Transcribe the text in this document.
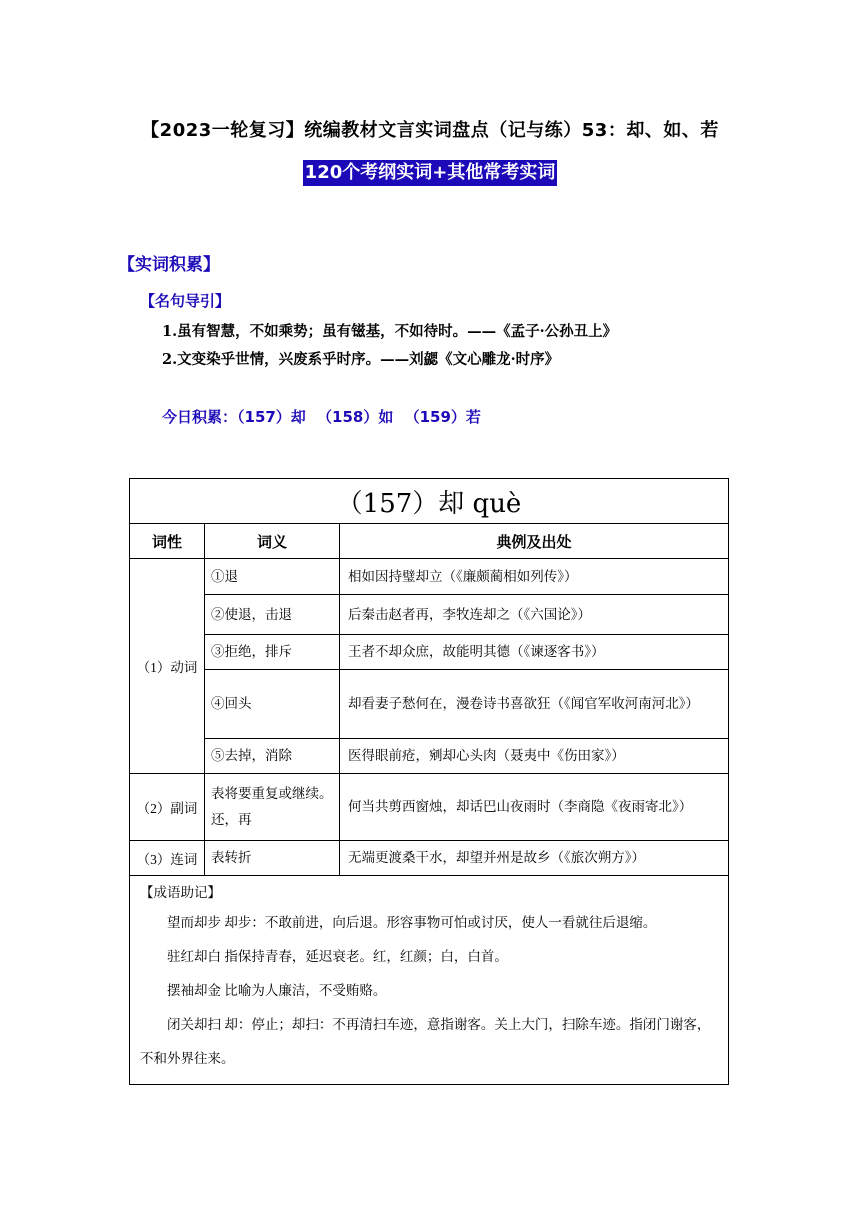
【2023一轮复习】统编教材文言实词盘点（记与练）53：却、如、若
120个考纲实词+其他常考实词
【实词积累】
【名句导引】
1.虽有智慧，不如乘势；虽有镃基，不如待时。——《孟子·公孙丑上》
2.文变染乎世情，兴废系乎时序。——刘勰《文心雕龙·时序》
今日积累：（157）却 （158）如 （159）若
（157）却 què		
词性	词义	典例及出处
（1）动词	①退	相如因持璧却立（《廉颇蔺相如列传》）
	②使退，击退	后秦击赵者再，李牧连却之（《六国论》）
	③拒绝，排斥	王者不却众庶，故能明其德（《谏逐客书》）
	④回头	却看妻子愁何在，漫卷诗书喜欲狂（《闻官军收河南河北》）
	⑤去掉，消除	医得眼前疮，剜却心头肉（聂夷中《伤田家》）
（2）副词	表将要重复或继续。还，再	何当共剪西窗烛，却话巴山夜雨时（李商隐《夜雨寄北》）
（3）连词	表转折	无端更渡桑干水，却望并州是故乡（《旅次朔方》）

【成语助记】
望而却步 却步：不敢前进，向后退。形容事物可怕或讨厌，使人一看就往后退缩。
驻红却白 指保持青春，延迟衰老。红，红颜；白，白首。
摆袖却金 比喻为人廉洁，不受贿赂。
闭关却扫 却：停止；却扫：不再清扫车迹，意指谢客。关上大门，扫除车迹。指闭门谢客，不和外界往来。		
